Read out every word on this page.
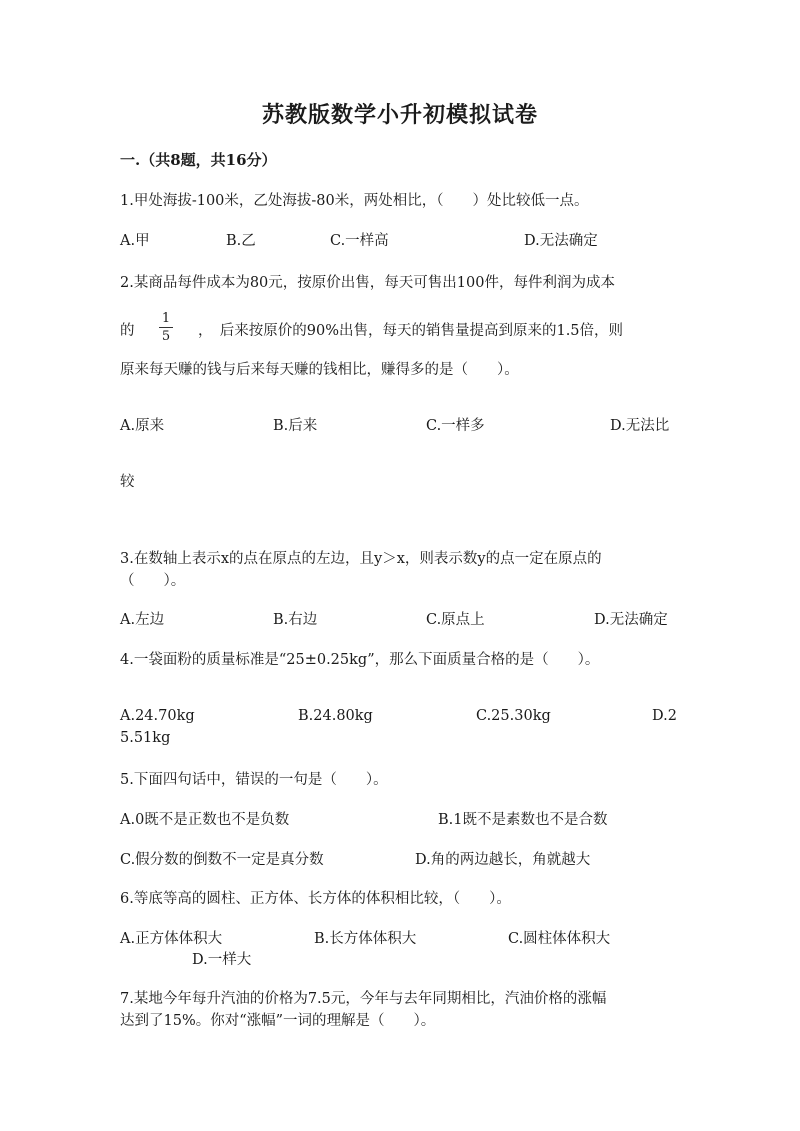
苏教版数学小升初模拟试卷
一.（共8题，共16分）
1.甲处海拔-100米，乙处海拔-80米，两处相比，（　　）处比较低一点。
A.甲	B.乙	C.一样高	D.无法确定
2.某商品每件成本为80元，按原价出售，每天可售出100件，每件利润为成本
的
1
5 ，　后来按原价的90%出售，每天的销售量提高到原来的1.5倍，则
原来每天赚的钱与后来每天赚的钱相比，赚得多的是（　　）。
A.原来	B.后来	C.一样多	D.无法比
较
3.在数轴上表示x的点在原点的左边，且y＞x，则表示数y的点一定在原点的
（　　）。
A.左边	B.右边	C.原点上	D.无法确定
4.一袋面粉的质量标准是“25±0.25kg”，那么下面质量合格的是（　　）。
A.24.70kg	B.24.80kg	C.25.30kg	D.2
5.51kg
5.下面四句话中，错误的一句是（　　）。
A.0既不是正数也不是负数	B.1既不是素数也不是合数
C.假分数的倒数不一定是真分数	D.角的两边越长，角就越大
6.等底等高的圆柱、正方体、长方体的体积相比较，（　　）。
A.正方体体积大	B.长方体体积大	C.圆柱体体积大
D.一样大
7.某地今年每升汽油的价格为7.5元，今年与去年同期相比，汽油价格的涨幅
达到了15%。你对“涨幅”一词的理解是（　　）。
